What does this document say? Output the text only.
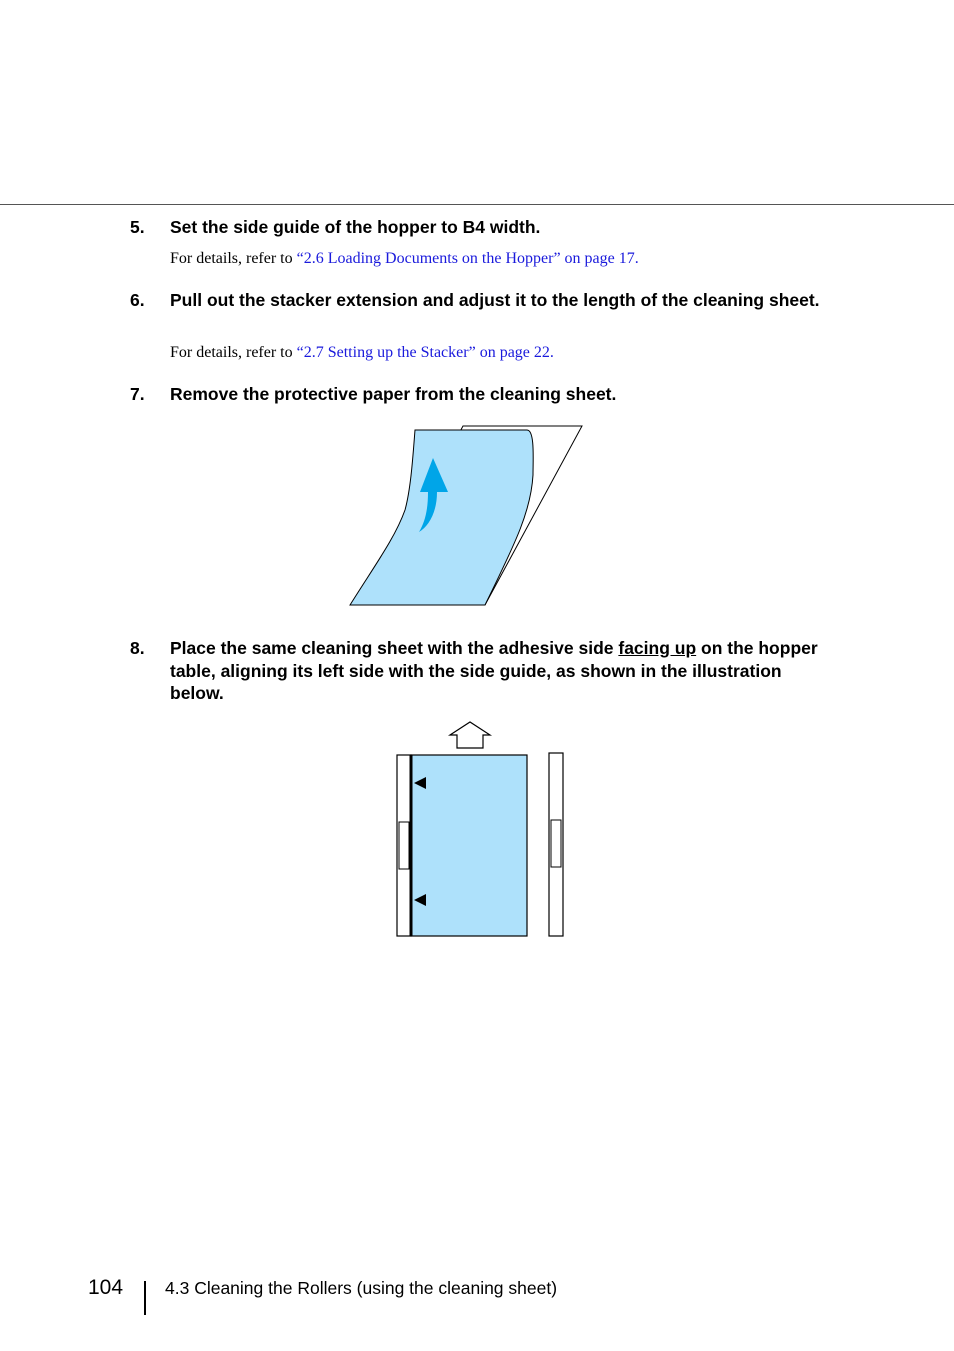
5. Set the side guide of the hopper to B4 width.
For details, refer to “2.6 Loading Documents on the Hopper” on page 17.
6. Pull out the stacker extension and adjust it to the length of the cleaning sheet.
For details, refer to “2.7 Setting up the Stacker” on page 22.
7. Remove the protective paper from the cleaning sheet.
8. Place the same cleaning sheet with the adhesive side facing up on the hopper table, aligning its left side with the side guide, as shown in the illustration below.
104 4.3 Cleaning the Rollers (using the cleaning sheet)
